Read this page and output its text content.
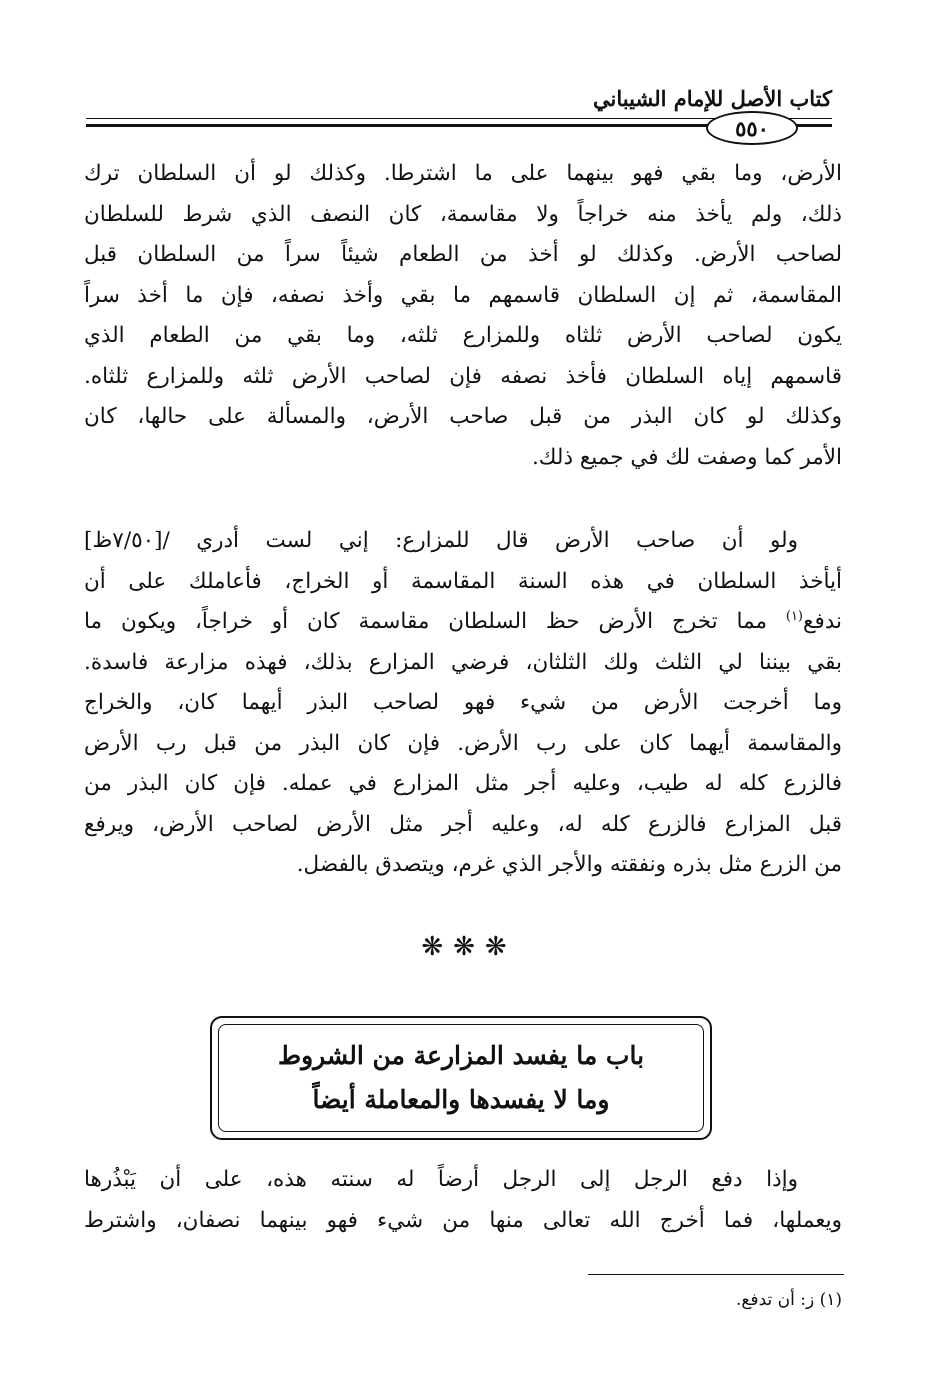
كتاب الأصل للإمام الشيباني
٥٥٠
الأرض، وما بقي فهو بينهما على ما اشترطا. وكذلك لو أن السلطان ترك
ذلك، ولم يأخذ منه خراجاً ولا مقاسمة، كان النصف الذي شرط للسلطان
لصاحب الأرض. وكذلك لو أخذ من الطعام شيئاً سراً من السلطان قبل
المقاسمة، ثم إن السلطان قاسمهم ما بقي وأخذ نصفه، فإن ما أخذ سراً
يكون لصاحب الأرض ثلثاه وللمزارع ثلثه، وما بقي من الطعام الذي
قاسمهم إياه السلطان فأخذ نصفه فإن لصاحب الأرض ثلثه وللمزارع ثلثاه.
وكذلك لو كان البذر من قبل صاحب الأرض، والمسألة على حالها، كان
الأمر كما وصفت لك في جميع ذلك.
ولو أن صاحب الأرض قال للمزارع: إني لست أدري /[٧/٥٠ظ]
أيأخذ السلطان في هذه السنة المقاسمة أو الخراج، فأعاملك على أن
ندفع$^{(١)}$ مما تخرج الأرض حظ السلطان مقاسمة كان أو خراجاً، ويكون ما
بقي بيننا لي الثلث ولك الثلثان، فرضي المزارع بذلك، فهذه مزارعة فاسدة.
وما أخرجت الأرض من شيء فهو لصاحب البذر أيهما كان، والخراج
والمقاسمة أيهما كان على رب الأرض. فإن كان البذر من قبل رب الأرض
فالزرع كله له طيب، وعليه أجر مثل المزارع في عمله. فإن كان البذر من
قبل المزارع فالزرع كله له، وعليه أجر مثل الأرض لصاحب الأرض، ويرفع
من الزرع مثل بذره ونفقته والأجر الذي غرم، ويتصدق بالفضل.
❋❋❋
باب ما يفسد المزارعة من الشروط
وما لا يفسدها والمعاملة أيضاً
وإذا دفع الرجل إلى الرجل أرضاً له سنته هذه، على أن يَبْذُرها
ويعملها، فما أخرج الله تعالى منها من شيء فهو بينهما نصفان، واشترط
(١) ز: أن تدفع.
